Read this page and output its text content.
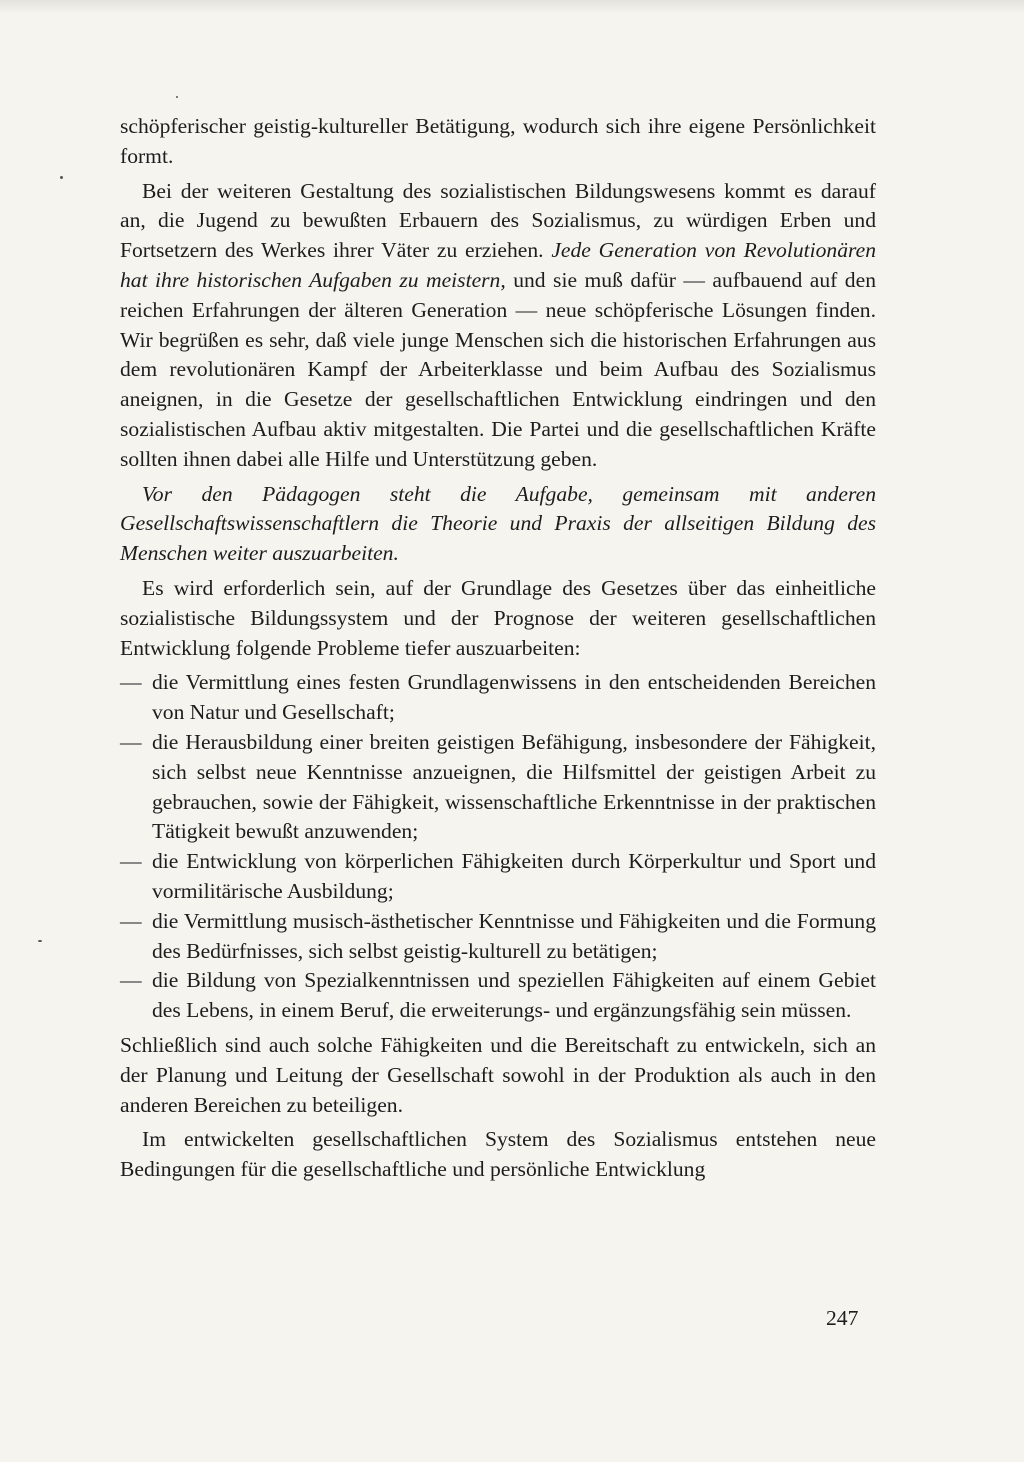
schöpferischer geistig-kultureller Betätigung, wodurch sich ihre eigene Persönlichkeit formt.

Bei der weiteren Gestaltung des sozialistischen Bildungswesens kommt es darauf an, die Jugend zu bewußten Erbauern des Sozialismus, zu würdigen Erben und Fortsetzern des Werkes ihrer Väter zu erziehen. Jede Generation von Revolutionären hat ihre historischen Aufgaben zu meistern, und sie muß dafür — aufbauend auf den reichen Erfahrungen der älteren Generation — neue schöpferische Lösungen finden. Wir begrüßen es sehr, daß viele junge Menschen sich die historischen Erfahrungen aus dem revolutionären Kampf der Arbeiterklasse und beim Aufbau des Sozialismus aneignen, in die Gesetze der gesellschaftlichen Entwicklung eindringen und den sozialistischen Aufbau aktiv mitgestalten. Die Partei und die gesellschaftlichen Kräfte sollten ihnen dabei alle Hilfe und Unterstützung geben.

Vor den Pädagogen steht die Aufgabe, gemeinsam mit anderen Gesellschaftswissenschaftlern die Theorie und Praxis der allseitigen Bildung des Menschen weiter auszuarbeiten.

Es wird erforderlich sein, auf der Grundlage des Gesetzes über das einheitliche sozialistische Bildungssystem und der Prognose der weiteren gesellschaftlichen Entwicklung folgende Probleme tiefer auszuarbeiten:

— die Vermittlung eines festen Grundlagenwissens in den entscheidenden Bereichen von Natur und Gesellschaft;
— die Herausbildung einer breiten geistigen Befähigung, insbesondere der Fähigkeit, sich selbst neue Kenntnisse anzueignen, die Hilfsmittel der geistigen Arbeit zu gebrauchen, sowie der Fähigkeit, wissenschaftliche Erkenntnisse in der praktischen Tätigkeit bewußt anzuwenden;
— die Entwicklung von körperlichen Fähigkeiten durch Körperkultur und Sport und vormilitärische Ausbildung;
— die Vermittlung musisch-ästhetischer Kenntnisse und Fähigkeiten und die Formung des Bedürfnisses, sich selbst geistig-kulturell zu betätigen;
— die Bildung von Spezialkenntnissen und speziellen Fähigkeiten auf einem Gebiet des Lebens, in einem Beruf, die erweiterungs- und ergänzungsfähig sein müssen.

Schließlich sind auch solche Fähigkeiten und die Bereitschaft zu entwickeln, sich an der Planung und Leitung der Gesellschaft sowohl in der Produktion als auch in den anderen Bereichen zu beteiligen.

Im entwickelten gesellschaftlichen System des Sozialismus entstehen neue Bedingungen für die gesellschaftliche und persönliche Entwicklung

247
